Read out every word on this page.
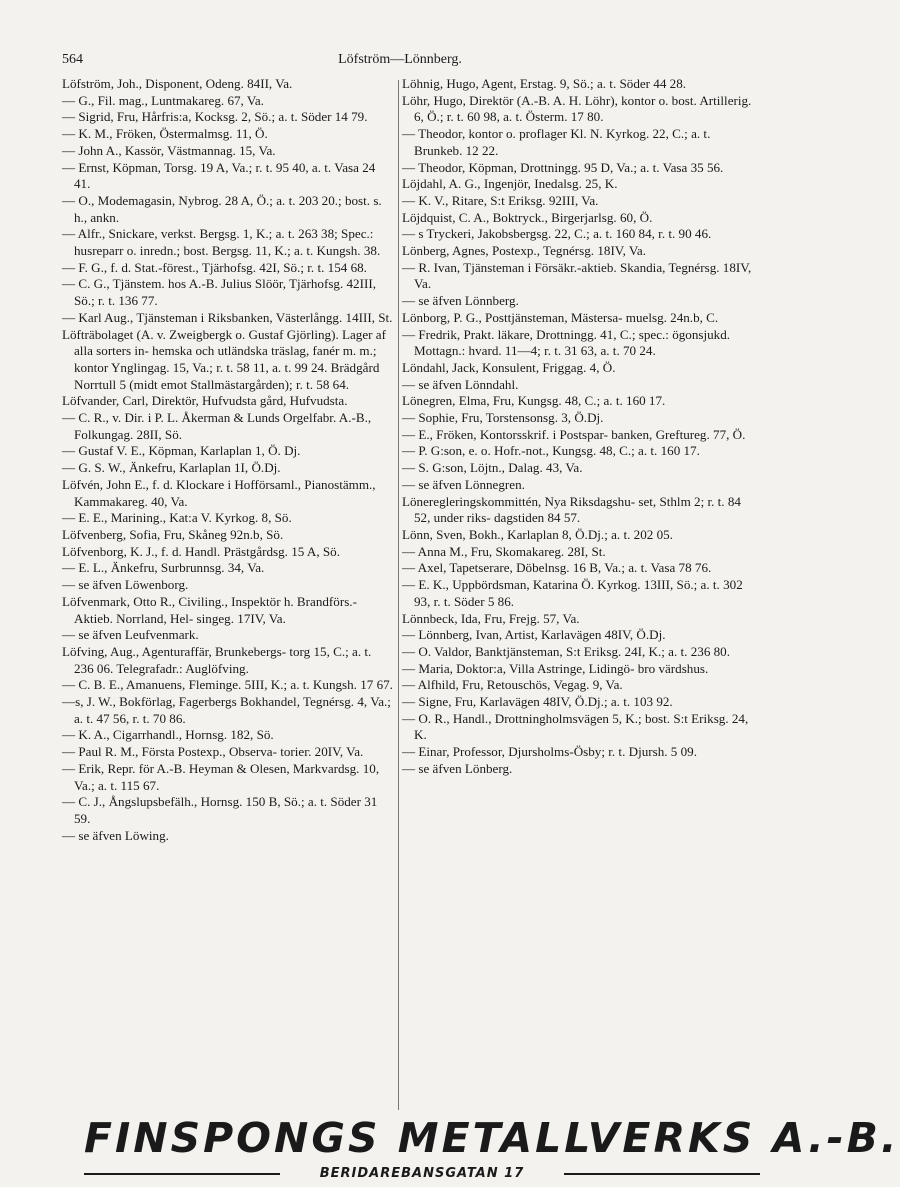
564	Löfström—Lönnberg.

Löfström, Joh., Disponent, Odeng. 84II, Va.

— G., Fil. mag., Luntmakareg. 67, Va.

— Sigrid, Fru, Hårfris:a, Kocksg. 2, Sö.; a. t. Söder 14 79.

— K. M., Fröken, Östermalmsg. 11, Ö.

— John A., Kassör, Västmannag. 15, Va.

— Ernst, Köpman, Torsg. 19 A, Va.; r. t. 95 40, a. t. Vasa 24 41.

— O., Modemagasin, Nybrog. 28 A, Ö.; a. t. 203 20.; bost. s. h., ankn.

— Alfr., Snickare, verkst. Bergsg. 1, K.; a. t. 263 38; Spec.: husreparr o. inredn.; bost. Bergsg. 11, K.; a. t. Kungsh. 38.

— F. G., f. d. Stat.-förest., Tjärhofsg. 42I, Sö.; r. t. 154 68.

— C. G., Tjänstem. hos A.-B. Julius Slöör, Tjärhofsg. 42III, Sö.; r. t. 136 77.

— Karl Aug., Tjänsteman i Riksbanken, Västerlångg. 14III, St.

Löfträbolaget (A. v. Zweigbergk o. Gustaf Gjörling). Lager af alla sorters in- hemska och utländska träslag, fanér m. m.; kontor Ynglingag. 15, Va.; r. t. 58 11, a. t. 99 24. Brädgård Norrtull 5 (midt emot Stallmästargården); r. t. 58 64.

Löfvander, Carl, Direktör, Hufvudsta gård, Hufvudsta.

— C. R., v. Dir. i P. L. Åkerman & Lunds Orgelfabr. A.-B., Folkungag. 28II, Sö.

— Gustaf V. E., Köpman, Karlaplan 1, Ö. Dj.

— G. S. W., Änkefru, Karlaplan 1I, Ö.Dj.

Löfvén, John E., f. d. Klockare i Hofförsaml., Pianostämm., Kammakareg. 40, Va.

— E. E., Marining., Kat:a V. Kyrkog. 8, Sö.

Löfvenberg, Sofia, Fru, Skåneg 92n.b, Sö.

Löfvenborg, K. J., f. d. Handl. Prästgårdsg. 15 A, Sö.

— E. L., Änkefru, Surbrunnsg. 34, Va.

— se äfven Löwenborg.

Löfvenmark, Otto R., Civiling., Inspektör h. Brandförs.-Aktieb. Norrland, Hel- singeg. 17IV, Va.

— se äfven Leufvenmark.

Löfving, Aug., Agenturaffär, Brunkebergs- torg 15, C.; a. t. 236 06. Telegrafadr.: Auglöfving.

— C. B. E., Amanuens, Fleminge. 5III, K.; a. t. Kungsh. 17 67.

—s, J. W., Bokförlag, Fagerbergs Bokhandel, Tegnérsg. 4, Va.; a. t. 47 56, r. t. 70 86.

— K. A., Cigarrhandl., Hornsg. 182, Sö.

— Paul R. M., Första Postexp., Observa- toriег. 20IV, Va.

— Erik, Repr. för A.-B. Heyman & Olesen, Markvardsg. 10, Va.; a. t. 115 67.

— C. J., Ångslupsbefälh., Hornsg. 150 B, Sö.; a. t. Söder 31 59.

— se äfven Löwing.

Löhnig, Hugo, Agent, Erstag. 9, Sö.; a. t. Söder 44 28.

Löhr, Hugo, Direktör (A.-B. A. H. Löhr), kontor o. bost. Artillerig. 6, Ö.; r. t. 60 98, a. t. Österm. 17 80.

— Theodor, kontor o. proflager Kl. N. Kyrkog. 22, C.; a. t. Brunkeb. 12 22.

— Theodor, Köpman, Drottningg. 95 D, Va.; a. t. Vasa 35 56.

Löjdahl, A. G., Ingenjör, Inedalsg. 25, K.

— K. V., Ritare, S:t Eriksg. 92III, Va.

Löjdquist, C. A., Boktryck., Birgerjarlsg. 60, Ö.

— s Tryckeri, Jakobsbergsg. 22, C.; a. t. 160 84, r. t. 90 46.

Lönberg, Agnes, Postexp., Tegnérsg. 18IV, Va.

— R. Ivan, Tjänsteman i Försäkr.-aktieb. Skandia, Tegnérsg. 18IV, Va.

— se äfven Lönnberg.

Lönborg, P. G., Posttjänsteman, Mästersa- muelsg. 24n.b, C.

— Fredrik, Prakt. läkare, Drottningg. 41, C.; spec.: ögonsjukd. Mottagn.: hvard. 11—4; r. t. 31 63, a. t. 70 24.

Löndahl, Jack, Konsulent, Friggag. 4, Ö.

— se äfven Lönndahl.

Lönegren, Elma, Fru, Kungsg. 48, C.; a. t. 160 17.

— Sophie, Fru, Torstensonsg. 3, Ö.Dj.

— E., Fröken, Kontorsskrif. i Postspar- banken, Greftureg. 77, Ö.

— P. G:son, e. o. Hofr.-not., Kungsg. 48, C.; a. t. 160 17.

— S. G:son, Löjtn., Dalag. 43, Va.

— se äfven Lönnegren.

Löneregleringskommittén, Nya Riksdagshu- set, Sthlm 2; r. t. 84 52, under riks- dagstiden 84 57.

Lönn, Sven, Bokh., Karlaplan 8, Ö.Dj.; a. t. 202 05.

— Anna M., Fru, Skomakareg. 28I, St.

— Axel, Tapetserare, Döbelnsg. 16 B, Va.; a. t. Vasa 78 76.

— E. K., Uppbördsman, Katarina Ö. Kyrkog. 13III, Sö.; a. t. 302 93, r. t. Söder 5 86.

Lönnbeck, Ida, Fru, Frejg. 57, Va.

— Lönnberg, Ivan, Artist, Karlavägen 48IV, Ö.Dj.

— O. Valdor, Banktjänsteman, S:t Eriksg. 24I, K.; a. t. 236 80.

— Maria, Doktor:a, Villa Astringe, Lidingö- bro värdshus.

— Alfhild, Fru, Retouschös, Vegag. 9, Va.

— Signe, Fru, Karlavägen 48IV, Ö.Dj.; a. t. 103 92.

— O. R., Handl., Drottningholmsvägen 5, K.; bost. S:t Eriksg. 24, K.

— Einar, Professor, Djursholms-Ösby; r. t. Djursh. 5 09.

— se äfven Lönberg.

FINSPONGS METALLVERKS A.-B.
BERIDAREBANSGATAN 17
